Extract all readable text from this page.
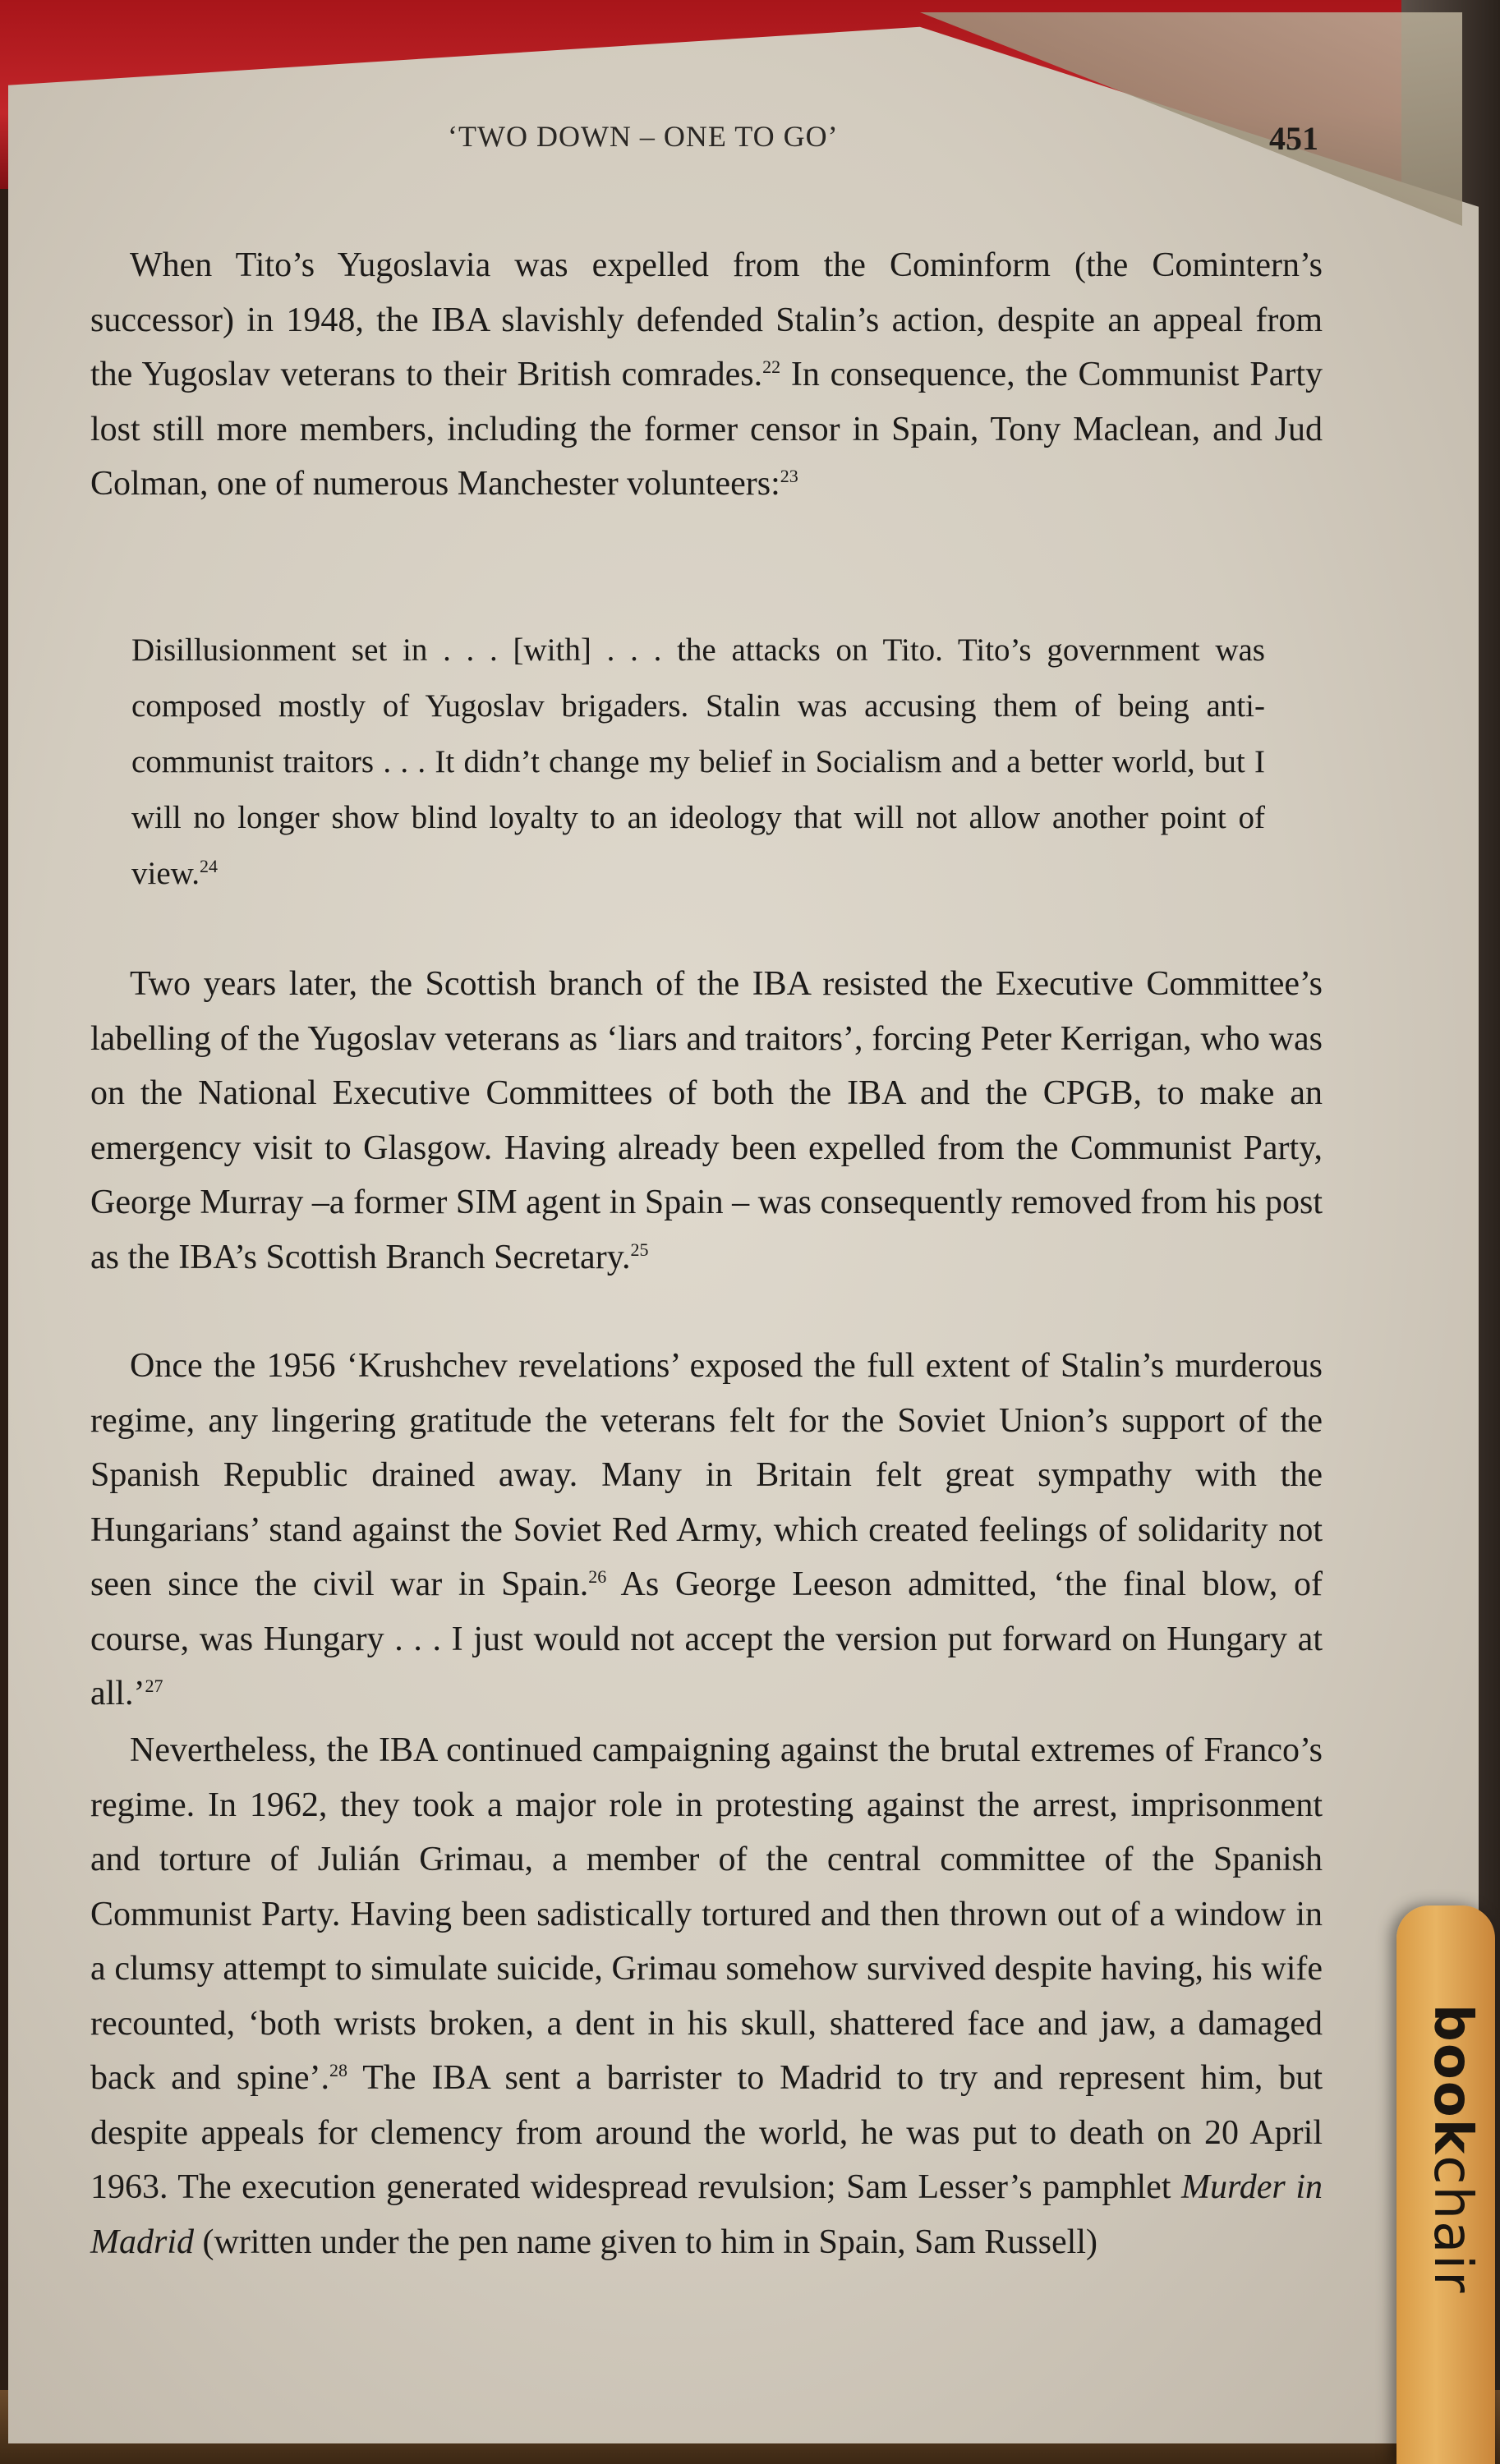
‘TWO DOWN – ONE TO GO’	451

When Tito’s Yugoslavia was expelled from the Cominform (the Comintern’s successor) in 1948, the IBA slavishly defended Stalin’s action, despite an appeal from the Yugoslav veterans to their British comrades.$^{22}$ In consequence, the Communist Party lost still more members, including the former censor in Spain, Tony Maclean, and Jud Colman, one of numerous Manchester volunteers:$^{23}$

Disillusionment set in . . . [with] . . . the attacks on Tito. Tito’s government was composed mostly of Yugoslav brigaders. Stalin was accusing them of being anti-communist traitors . . . It didn’t change my belief in Socialism and a better world, but I will no longer show blind loyalty to an ideology that will not allow another point of view.$^{24}$

Two years later, the Scottish branch of the IBA resisted the Executive Committee’s labelling of the Yugoslav veterans as ‘liars and traitors’, forcing Peter Kerrigan, who was on the National Executive Committees of both the IBA and the CPGB, to make an emergency visit to Glasgow. Having already been expelled from the Communist Party, George Murray –a former SIM agent in Spain – was consequently removed from his post as the IBA’s Scottish Branch Secretary.$^{25}$

Once the 1956 ‘Krushchev revelations’ exposed the full extent of Stalin’s murderous regime, any lingering gratitude the veterans felt for the Soviet Union’s support of the Spanish Republic drained away. Many in Britain felt great sympathy with the Hungarians’ stand against the Soviet Red Army, which created feelings of solidarity not seen since the civil war in Spain.$^{26}$ As George Leeson admitted, ‘the final blow, of course, was Hungary . . . I just would not accept the version put forward on Hungary at all.’$^{27}$

Nevertheless, the IBA continued campaigning against the brutal extremes of Franco’s regime. In 1962, they took a major role in protesting against the arrest, imprisonment and torture of Julián Grimau, a member of the central committee of the Spanish Communist Party. Having been sadistically tortured and then thrown out of a window in a clumsy attempt to simulate suicide, Grimau somehow survived despite having, his wife recounted, ‘both wrists broken, a dent in his skull, shattered face and jaw, a damaged back and spine’.$^{28}$ The IBA sent a barrister to Madrid to try and represent him, but despite appeals for clemency from around the world, he was put to death on 20 April 1963. The execution generated widespread revulsion; Sam Lesser’s pamphlet Murder in Madrid (written under the pen name given to him in Spain, Sam Russell)

bookchair
